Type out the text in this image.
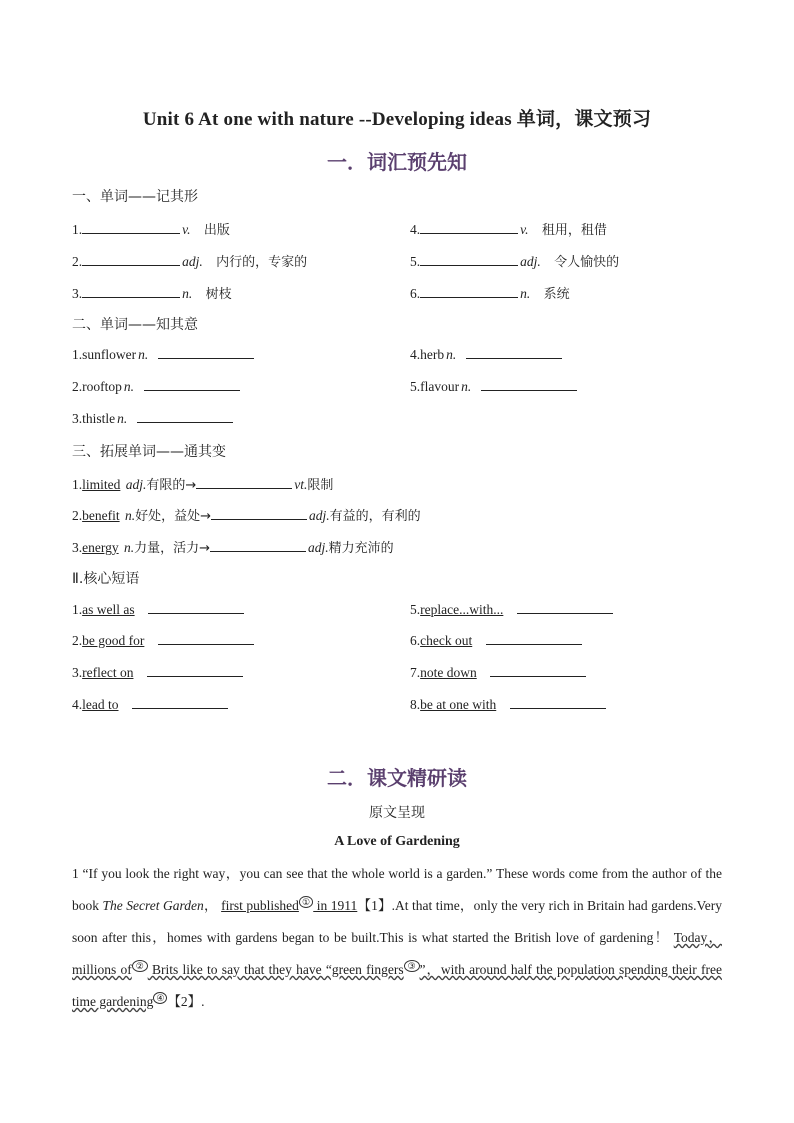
Unit 6 At one with nature --Developing ideas 单词，课文预习
一．词汇预先知
一、单词——记其形
1.	v. 出版
2.	adj. 内行的，专家的
3.	n. 树枝
4.	v. 租用，租借
5.	adj. 令人愉快的
6.	n. 系统
二、单词——知其意
1.sunflower n.
2.rooftop n.
3.thistle n.
4.herb n.
5.flavour n.
三、拓展单词——通其变
1.limited adj.有限的→	vt.限制
2.benefit n.好处，益处→	adj.有益的，有利的
3.energy n.力量，活力→	adj.精力充沛的
Ⅱ.核心短语
1.as well as
2.be good for
3.reflect on
4.lead to
5.replace...with...
6.check out
7.note down
8.be at one with
二．课文精研读
原文呈现
A Love of Gardening
1 “If you look the right way，you can see that the whole world is a garden.” These words come from the author of the book The Secret Garden， first published ① in 1911【1】.At that time，only the very rich in Britain had gardens.Very soon after this，homes with gardens began to be built.This is what started the British love of gardening！ Today，millions of ② Brits like to say that they have “green fingers ③ ”，with around half the population spending their free time gardening ④ 【2】.
